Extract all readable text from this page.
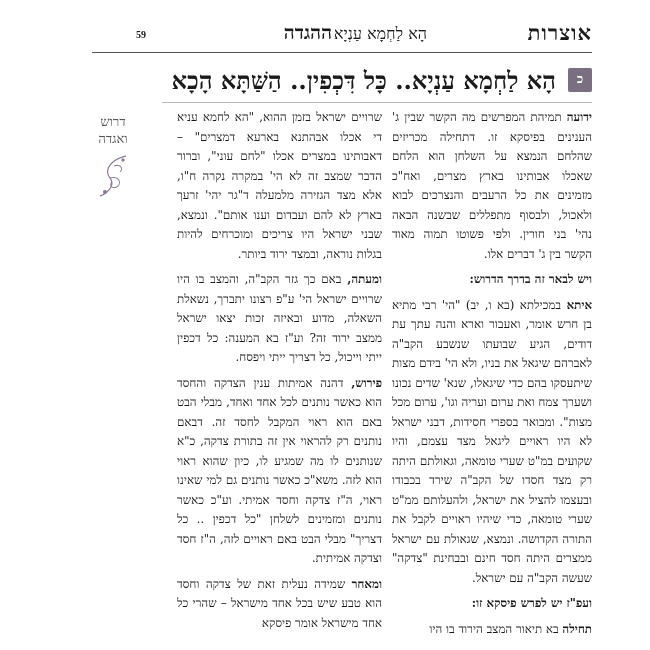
אוצרות
הָא לַחְמָא עַנְיָא
ההגדה
59
כ
הָא לַחְמָא עַנְיָא.. כָּל דִּכְפִין.. הַשַּׁתָּא הָכָא
דרוש ואגדה

ידועה תמיהת המפרשים מה הקשר שבין ג' הענינים בפיסקא זו. דתחילה מכריזים שהלחם הנמצא על השלחן הוא הלחם שאכלו אבותינו בארץ מצרים, ואח"כ מזמינים את כל הרעבים והנצרכים לבוא ולאכול, ולבסוף מתפללים שבשנה הבאה נהי' בני חורין. ולפי פשוטו תמוה מאוד הקשר בין ג' דברים אלו.

ויש לבאר זה בדרך הדרוש:

איתא במכילתא (בא ו, יב) "הי' רבי מתיא בן חרש אומר, ואעבור וארא והנה עתך עת דודים, הגיע שבועתו שנשבע הקב"ה לאברהם שיגאל את בניו, ולא הי' בידם מצות שיתעסקו בהם כדי שיגאלו, שנא' שדים נכונו ושערך צמח ואת ערום ועריה וגו', ערום מכל מצות". ומבואר בספרי חסידות, דבני ישראל לא היו ראויים ליגאל מצד עצמם, והיו שקועים במ"ט שערי טומאה, וגאולתם היתה רק מצד חסדו של הקב"ה שירד בכבודו ובעצמו להציל את ישראל, ולהעלותם ממ"ט שערי טומאה, כדי שיהיו ראויים לקבל את התורה הקדושה. ונמצא, שגאולת עם ישראל ממצרים היתה חסד חינם ובבחינת "צדקה" שעשה הקב"ה עם ישראל.

ועפ"ז יש לפרש פיסקא זו:

תחילה בא תיאור המצב הירוד בו היו

שרויים ישראל בזמן ההוא, "הא לחמא עניא די אכלו אבהתנא בארעא דמצרים" – דאבותינו במצרים אכלו "לחם עוני", וברור הדבר שמצב זה לא הי' במקרה נקרה ח"ו, אלא מצד הגזירה מלמעלה ד"גר יהי' זרעך בארץ לא להם ועבדום וענו אותם". ונמצא, שבני ישראל היו צריכים ומוכרחים להיות בגלות נוראה, ובמצד ירוד ביותר.

ומעתה, באם כך גזר הקב"ה, והמצב בו היו שרויים ישראל הי' ע"פ רצונו יתברך, נשאלת השאלה, מדוע ובאיזה זכות יצאו ישראל ממצב ירוד זה? וע"ז בא המענה: כל דכפין ייתי וייכול, כל דצריך ייתי ויפסח.

פירוש, דהנה אמיתות ענין הצדקה והחסד הוא כאשר נותנים לכל אחד ואחד, מבלי הבט באם הוא ראוי המקבל לחסד זה. דבאם נותנים רק להראוי אין זה בתורת צדקה, כ"א שנותנים לו מה שמגיע לו, כיון שהוא ראוי הוא לזה. משא"כ כאשר נותנים גם למי שאינו ראוי, ה"ז צדקה וחסד אמיתי. וע"כ כאשר נותנים ומזמינים לשלחן "כל דכפין .. כל דצריך" מבלי הבט באם ראויים לזה, ה"ז חסד וצדקה אמיתית.

ומאחר שמידה נעלית זאת של צדקה וחסד הוא טבע שיש בכל אחד מישראל – שהרי כל אחד מישראל אומר פיסקא
